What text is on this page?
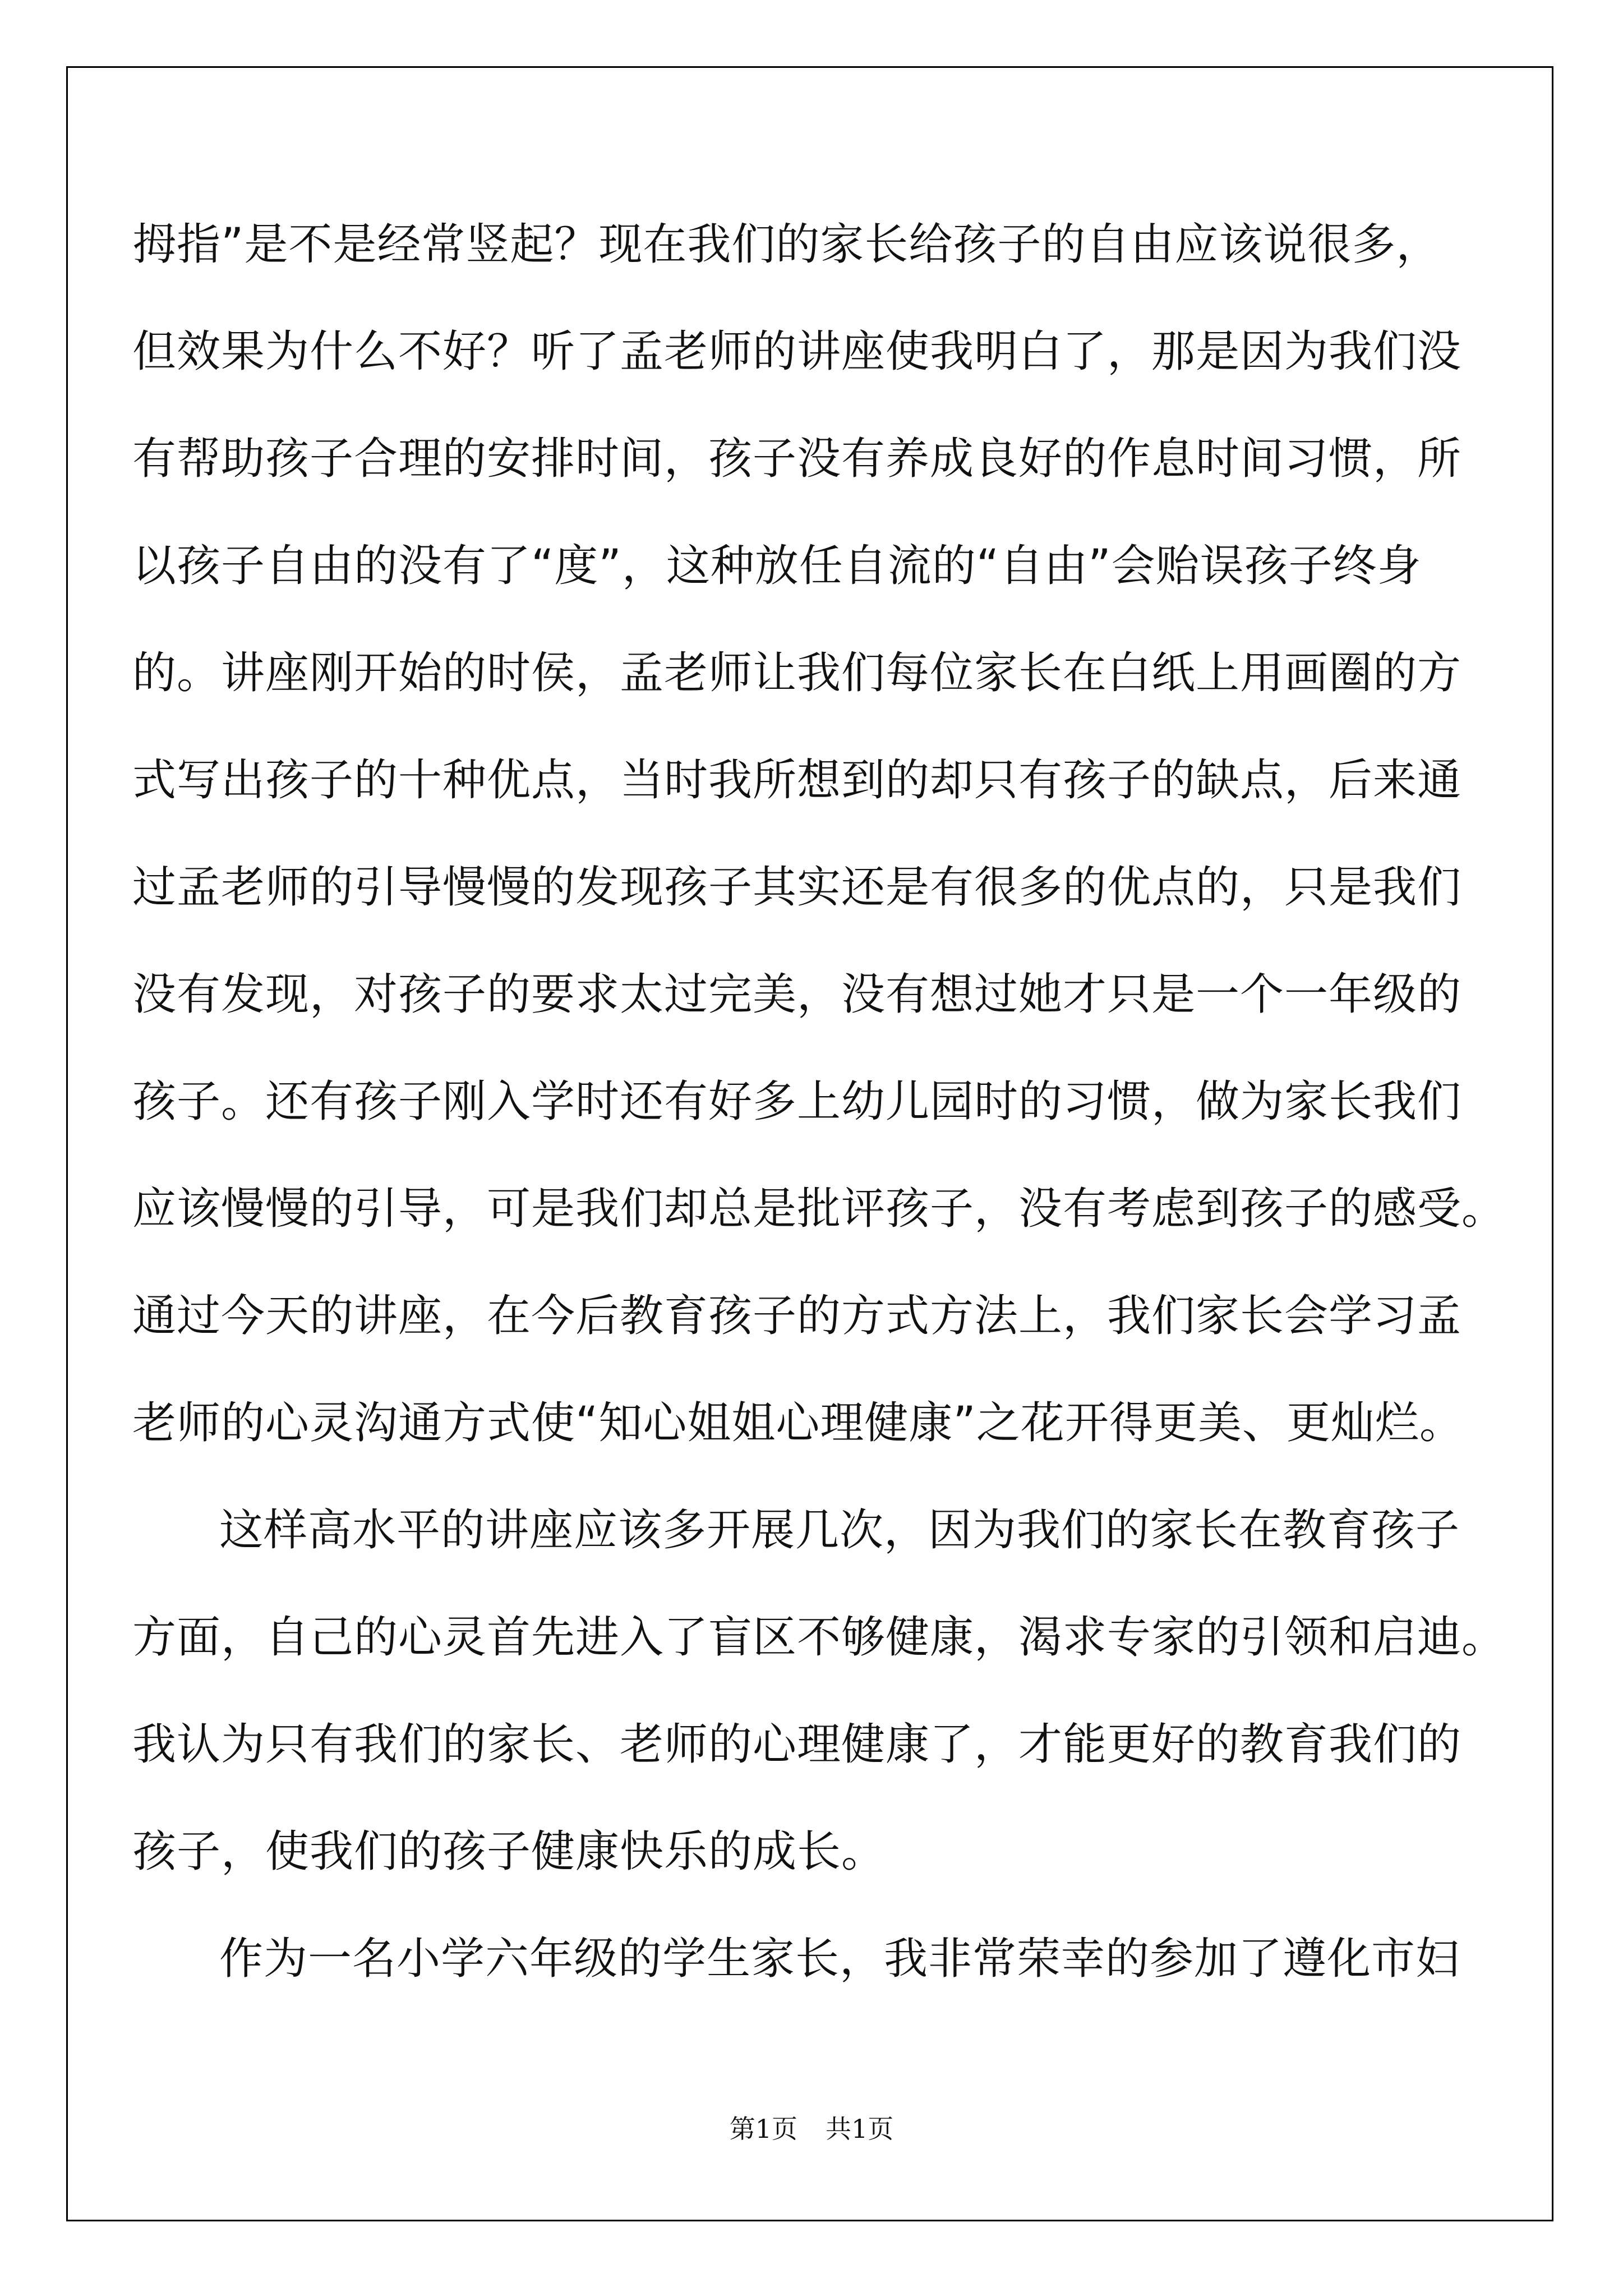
拇指”是不是经常竖起？现在我们的家长给孩子的自由应该说很多，
但效果为什么不好？听了孟老师的讲座使我明白了，那是因为我们没
有帮助孩子合理的安排时间，孩子没有养成良好的作息时间习惯，所
以孩子自由的没有了“度”，这种放任自流的“自由”会贻误孩子终身
的。讲座刚开始的时侯，孟老师让我们每位家长在白纸上用画圈的方
式写出孩子的十种优点，当时我所想到的却只有孩子的缺点，后来通
过孟老师的引导慢慢的发现孩子其实还是有很多的优点的，只是我们
没有发现，对孩子的要求太过完美，没有想过她才只是一个一年级的
孩子。还有孩子刚入学时还有好多上幼儿园时的习惯，做为家长我们
应该慢慢的引导，可是我们却总是批评孩子，没有考虑到孩子的感受。
通过今天的讲座，在今后教育孩子的方式方法上，我们家长会学习孟
老师的心灵沟通方式使“知心姐姐心理健康”之花开得更美、更灿烂。
这样高水平的讲座应该多开展几次，因为我们的家长在教育孩子
方面，自己的心灵首先进入了盲区不够健康，渴求专家的引领和启迪。
我认为只有我们的家长、老师的心理健康了，才能更好的教育我们的
孩子，使我们的孩子健康快乐的成长。
作为一名小学六年级的学生家长，我非常荣幸的参加了遵化市妇
第1页 共1页
